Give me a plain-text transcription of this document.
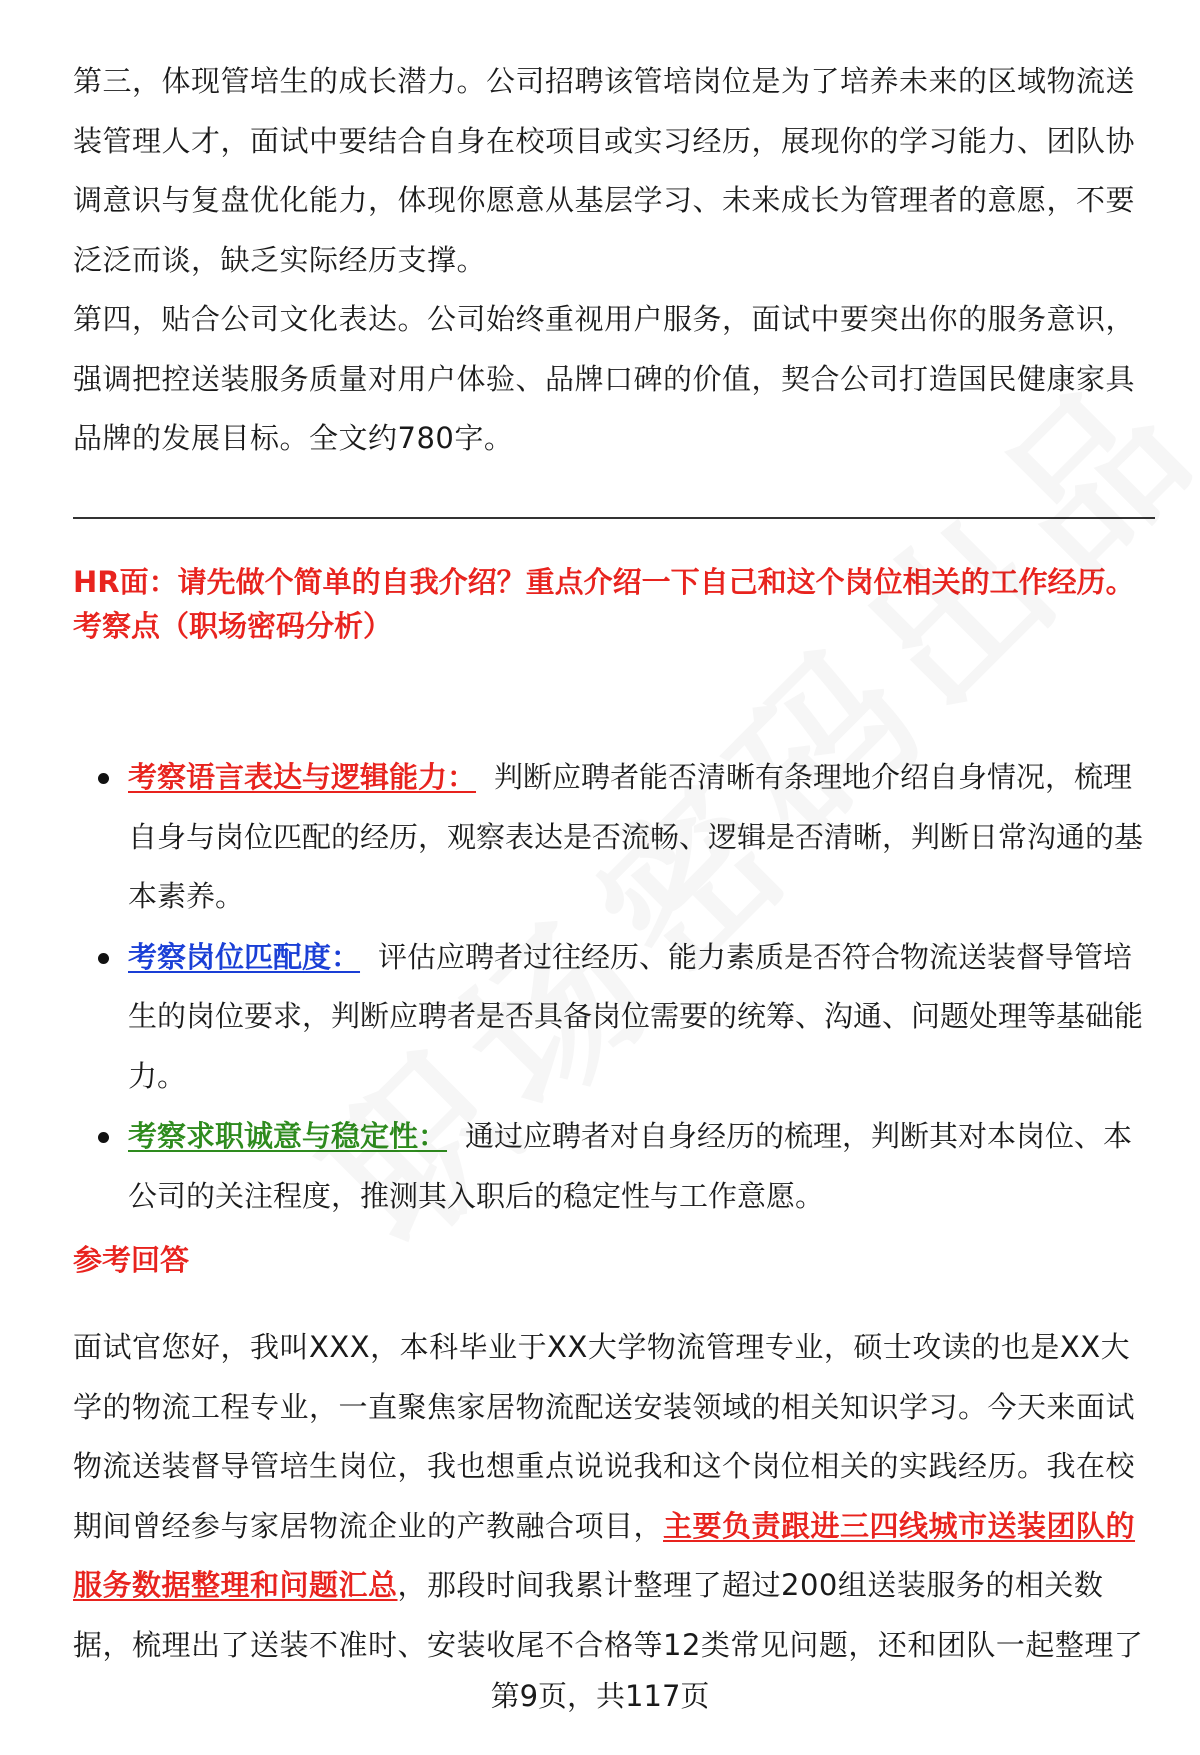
第三，体现管培生的成长潜力。公司招聘该管培岗位是为了培养未来的区域物流送装管理人才，面试中要结合自身在校项目或实习经历，展现你的学习能力、团队协调意识与复盘优化能力，体现你愿意从基层学习、未来成长为管理者的意愿，不要泛泛而谈，缺乏实际经历支撑。

第四，贴合公司文化表达。公司始终重视用户服务，面试中要突出你的服务意识，强调把控送装服务质量对用户体验、品牌口碑的价值，契合公司打造国民健康家具品牌的发展目标。全文约780字。

HR面：请先做个简单的自我介绍？重点介绍一下自己和这个岗位相关的工作经历。

考察点（职场密码分析）

考察语言表达与逻辑能力： 判断应聘者能否清晰有条理地介绍自身情况，梳理自身与岗位匹配的经历，观察表达是否流畅、逻辑是否清晰，判断日常沟通的基本素养。
考察岗位匹配度： 评估应聘者过往经历、能力素质是否符合物流送装督导管培生的岗位要求，判断应聘者是否具备岗位需要的统筹、沟通、问题处理等基础能力。
考察求职诚意与稳定性： 通过应聘者对自身经历的梳理，判断其对本岗位、本公司的关注程度，推测其入职后的稳定性与工作意愿。

参考回答

面试官您好，我叫XXX，本科毕业于XX大学物流管理专业，硕士攻读的也是XX大学的物流工程专业，一直聚焦家居物流配送安装领域的相关知识学习。今天来面试物流送装督导管培生岗位，我也想重点说说我和这个岗位相关的实践经历。我在校期间曾经参与家居物流企业的产教融合项目，主要负责跟进三四线城市送装团队的服务数据整理和问题汇总，那段时间我累计整理了超过200组送装服务的相关数据，梳理出了送装不准时、安装收尾不合格等12类常见问题，还和团队一起整理了

第9页，共117页
